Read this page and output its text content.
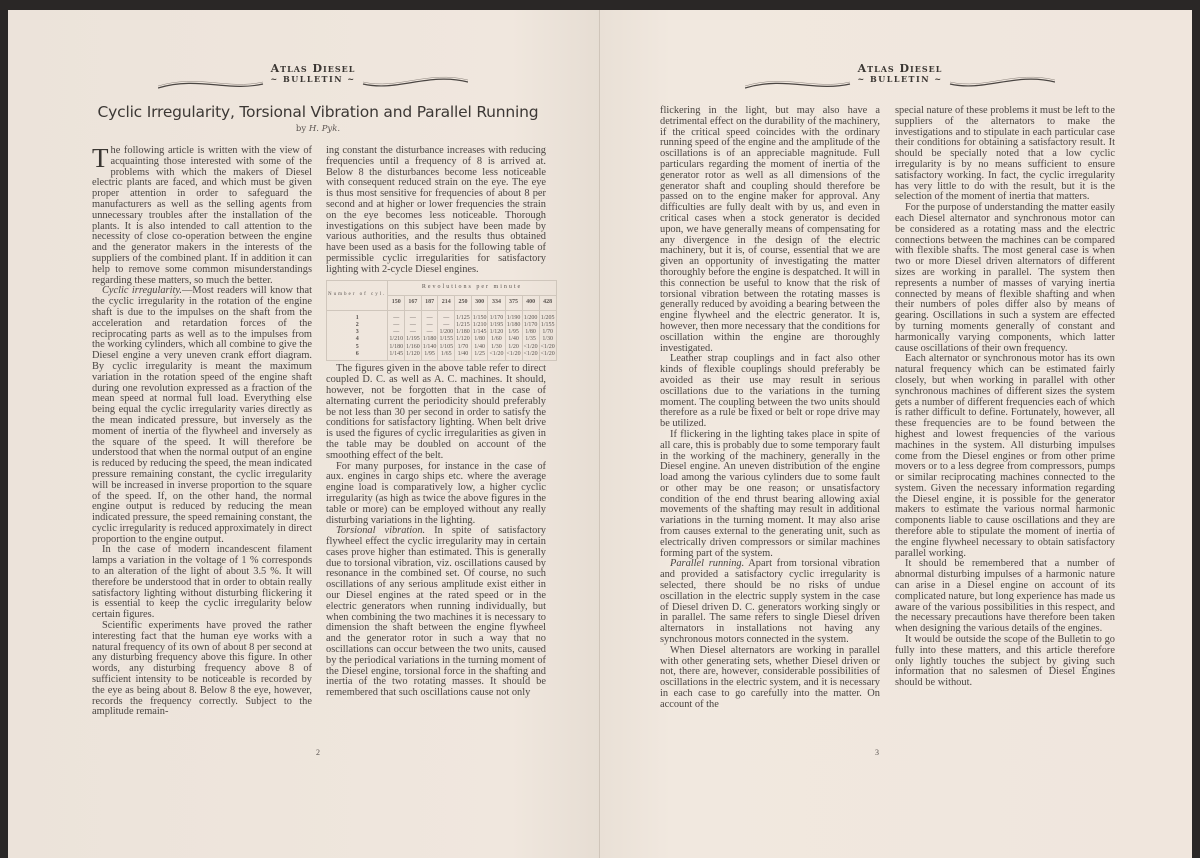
Atlas Diesel
~ BULLETIN ~
Cyclic Irregularity, Torsional Vibration and Parallel Running
by H. Pyk.

The following article is written with the view of acquainting those interested with some of the problems with which the makers of Diesel electric plants are faced, and which must be given proper attention in order to safeguard the manufacturers as well as the selling agents from unnecessary troubles after the installation of the plants. It is also intended to call attention to the necessity of close co-operation between the engine and the generator makers in the interests of the suppliers of the combined plant. If in addition it can help to remove some common misunderstandings regarding these matters, so much the better.

Cyclic irregularity.—Most readers will know that the cyclic irregularity in the rotation of the engine shaft is due to the impulses on the shaft from the acceleration and retardation forces of the reciprocating parts as well as to the impulses from the working cylinders, which all combine to give the Diesel engine a very uneven crank effort diagram. By cyclic irregularity is meant the maximum variation in the rotation speed of the engine shaft during one revolution expressed as a fraction of the mean speed at normal full load. Everything else being equal the cyclic irregularity varies directly as the mean indicated pressure, but inversely as the moment of inertia of the flywheel and inversely as the square of the speed. It will therefore be understood that when the normal output of an engine is reduced by reducing the speed, the mean indicated pressure remaining constant, the cyclic irregularity will be increased in inverse proportion to the square of the speed. If, on the other hand, the normal engine output is reduced by reducing the mean indicated pressure, the speed remaining constant, the cyclic irregularity is reduced approximately in direct proportion to the engine output.

In the case of modern incandescent filament lamps a variation in the voltage of 1 % corresponds to an alteration of the light of about 3.5 %. It will therefore be understood that in order to obtain really satisfactory lighting without disturbing flickering it is essential to keep the cyclic irregularity below certain figures.

Scientific experiments have proved the rather interesting fact that the human eye works with a natural frequency of its own of about 8 per second at any disturbing frequency above this figure. In other words, any disturbing frequency above 8 of sufficient intensity to be noticeable is recorded by the eye as being about 8. Below 8 the eye, however, records the frequency correctly. Subject to the amplitude remain-

ing constant the disturbance increases with reducing frequencies until a frequency of 8 is arrived at. Below 8 the disturbances become less noticeable with consequent reduced strain on the eye. The eye is thus most sensitive for frequencies of about 8 per second and at higher or lower frequencies the strain on the eye becomes less noticeable. Thorough investigations on this subject have been made by various authorities, and the results thus obtained have been used as a basis for the following table of permissible cyclic irregularities for satisfactory lighting with 2-cycle Diesel engines.

Number of cyl.	Revolutions per minute									
	150	167	187	214	250	300	334	375	400	428
1	—	—	—	—	1/125	1/150	1/170	1/190	1/200	1/205
2	—	—	—	—	1/215	1/210	1/195	1/180	1/170	1/155
3	—	—	—	1/200	1/180	1/145	1/120	1/95	1/80	1/70
4	1/210	1/195	1/180	1/155	1/120	1/80	1/60	1/40	1/35	1/30
5	1/180	1/160	1/140	1/105	1/70	1/40	1/30	1/20	<1/20	<1/20
6	1/145	1/120	1/95	1/65	1/40	1/25	<1/20	<1/20	<1/20	<1/20

The figures given in the above table refer to direct coupled D. C. as well as A. C. machines. It should, however, not be forgotten that in the case of alternating current the periodicity should preferably be not less than 30 per second in order to satisfy the conditions for satisfactory lighting. When belt drive is used the figures of cyclic irregularities as given in the table may be doubled on account of the smoothing effect of the belt.

For many purposes, for instance in the case of aux. engines in cargo ships etc. where the average engine load is comparatively low, a higher cyclic irregularity (as high as twice the above figures in the table or more) can be employed without any really disturbing variations in the lighting.

Torsional vibration. In spite of satisfactory flywheel effect the cyclic irregularity may in certain cases prove higher than estimated. This is generally due to torsional vibration, viz. oscillations caused by resonance in the combined set. Of course, no such oscillations of any serious amplitude exist either in our Diesel engines at the rated speed or in the electric generators when running individually, but when combining the two machines it is necessary to dimension the shaft between the engine flywheel and the generator rotor in such a way that no oscillations can occur between the two units, caused by the periodical variations in the turning moment of the Diesel engine, torsional force in the shafting and inertia of the two rotating masses. It should be remembered that such oscillations cause not only

2
Atlas Diesel
~ BULLETIN ~

flickering in the light, but may also have a detrimental effect on the durability of the machinery, if the critical speed coincides with the ordinary running speed of the engine and the amplitude of the oscillations is of an appreciable magnitude. Full particulars regarding the moment of inertia of the generator rotor as well as all dimensions of the generator shaft and coupling should therefore be passed on to the engine maker for approval. Any difficulties are fully dealt with by us, and even in critical cases when a stock generator is decided upon, we have generally means of compensating for any divergence in the design of the electric machinery, but it is, of course, essential that we are given an opportunity of investigating the matter thoroughly before the engine is despatched. It will in this connection be useful to know that the risk of torsional vibration between the rotating masses is generally reduced by avoiding a bearing between the engine flywheel and the electric generator. It is, however, then more necessary that the conditions for oscillation within the engine are thoroughly investigated.

Leather strap couplings and in fact also other kinds of flexible couplings should preferably be avoided as their use may result in serious oscillations due to the variations in the turning moment. The coupling between the two units should therefore as a rule be fixed or belt or rope drive may be utilized.

If flickering in the lighting takes place in spite of all care, this is probably due to some temporary fault in the working of the machinery, generally in the Diesel engine. An uneven distribution of the engine load among the various cylinders due to some fault or other may be one reason; or unsatisfactory condition of the end thrust bearing allowing axial movements of the shafting may result in additional variations in the turning moment. It may also arise from causes external to the generating unit, such as electrically driven compressors or similar machines forming part of the system.

Parallel running. Apart from torsional vibration and provided a satisfactory cyclic irregularity is selected, there should be no risks of undue oscillation in the electric supply system in the case of Diesel driven D. C. generators working singly or in parallel. The same refers to single Diesel driven alternators in installations not having any synchronous motors connected in the system.

When Diesel alternators are working in parallel with other generating sets, whether Diesel driven or not, there are, however, considerable possibilities of oscillations in the electric system, and it is necessary in each case to go carefully into the matter. On account of the

special nature of these problems it must be left to the suppliers of the alternators to make the investigations and to stipulate in each particular case their conditions for obtaining a satisfactory result. It should be specially noted that a low cyclic irregularity is by no means sufficient to ensure satisfactory working. In fact, the cyclic irregularity has very little to do with the result, but it is the selection of the moment of inertia that matters.

For the purpose of understanding the matter easily each Diesel alternator and synchronous motor can be considered as a rotating mass and the electric connections between the machines can be compared with flexible shafts. The most general case is when two or more Diesel driven alternators of different sizes are working in parallel. The system then represents a number of masses of varying inertia connected by means of flexible shafting and when their numbers of poles differ also by means of gearing. Oscillations in such a system are effected by turning moments generally of constant and harmonically varying components, which latter cause oscillations of their own frequency.

Each alternator or synchronous motor has its own natural frequency which can be estimated fairly closely, but when working in parallel with other synchronous machines of different sizes the system gets a number of different frequencies each of which is rather difficult to define. Fortunately, however, all these frequencies are to be found between the highest and lowest frequencies of the various machines in the system. All disturbing impulses come from the Diesel engines or from other prime movers or to a less degree from compressors, pumps or similar reciprocating machines connected to the system. Given the necessary information regarding the Diesel engine, it is possible for the generator makers to estimate the various normal harmonic components liable to cause oscillations and they are therefore able to stipulate the moment of inertia of the engine flywheel necessary to obtain satisfactory parallel working.

It should be remembered that a number of abnormal disturbing impulses of a harmonic nature can arise in a Diesel engine on account of its complicated nature, but long experience has made us aware of the various possibilities in this respect, and the necessary precautions have therefore been taken when designing the various details of the engines.

It would be outside the scope of the Bulletin to go fully into these matters, and this article therefore only lightly touches the subject by giving such information that no salesmen of Diesel Engines should be without.

3
